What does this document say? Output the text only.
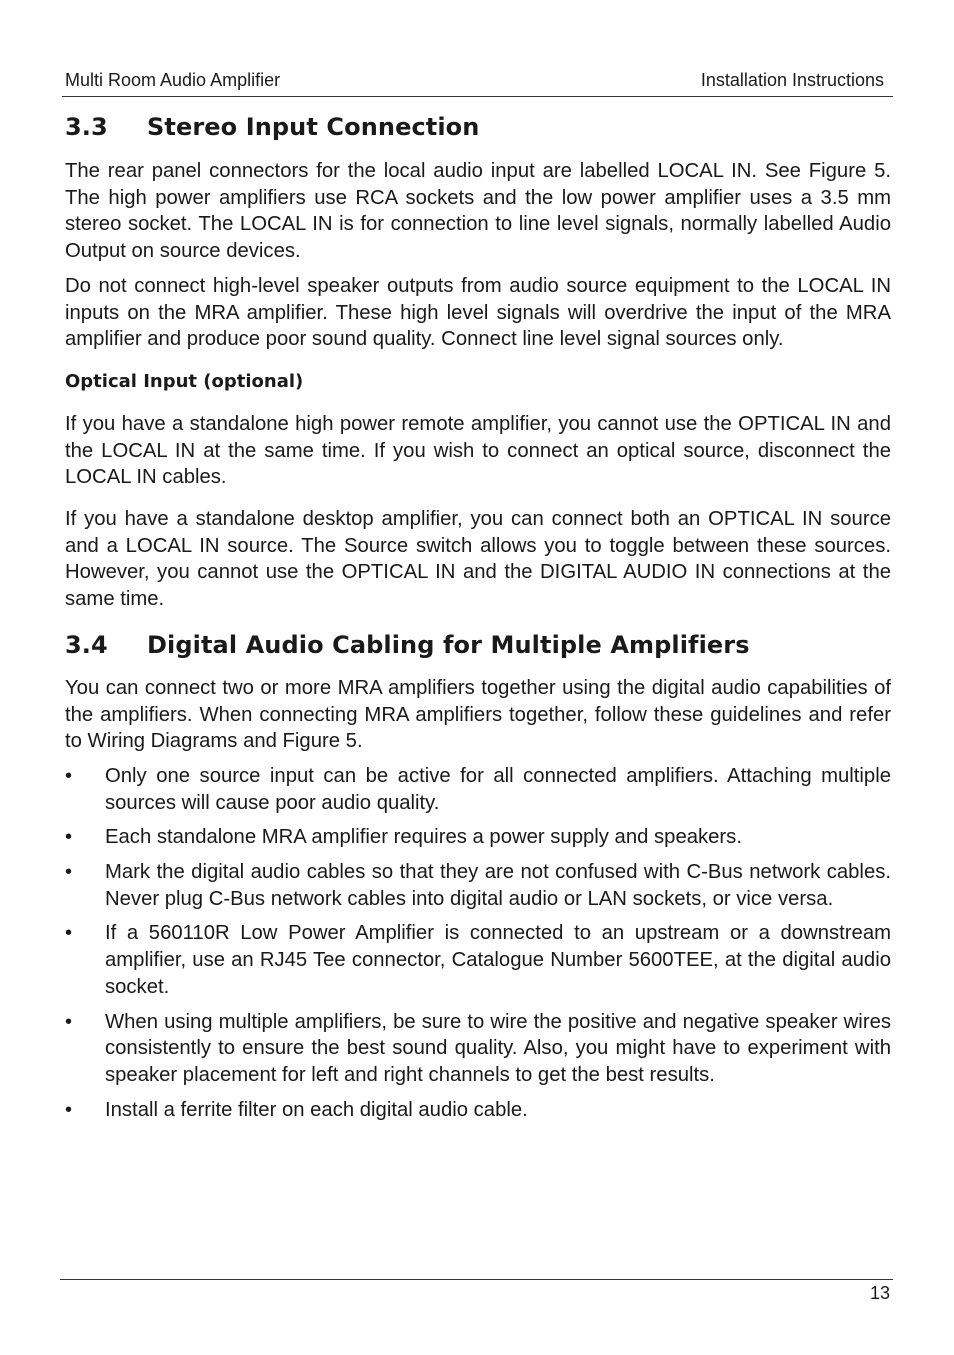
Multi Room Audio Amplifier	Installation Instructions
3.3 Stereo Input Connection

The rear panel connectors for the local audio input are labelled LOCAL IN. See Figure 5. The high power amplifiers use RCA sockets and the low power amplifier uses a 3.5 mm stereo socket. The LOCAL IN is for connection to line level signals, normally labelled Audio Output on source devices.

Do not connect high-level speaker outputs from audio source equipment to the LOCAL IN inputs on the MRA amplifier. These high level signals will overdrive the input of the MRA amplifier and produce poor sound quality. Connect line level signal sources only.

Optical Input (optional)

If you have a standalone high power remote amplifier, you cannot use the OPTICAL IN and the LOCAL IN at the same time. If you wish to connect an optical source, disconnect the LOCAL IN cables.

If you have a standalone desktop amplifier, you can connect both an OPTICAL IN source and a LOCAL IN source. The Source switch allows you to toggle between these sources. However, you cannot use the OPTICAL IN and the DIGITAL AUDIO IN connections at the same time.

3.4 Digital Audio Cabling for Multiple Amplifiers

You can connect two or more MRA amplifiers together using the digital audio capabilities of the amplifiers. When connecting MRA amplifiers together, follow these guidelines and refer to Wiring Diagrams and Figure 5.

• Only one source input can be active for all connected amplifiers. Attaching multiple sources will cause poor audio quality.

• Each standalone MRA amplifier requires a power supply and speakers.

• Mark the digital audio cables so that they are not confused with C-Bus network cables. Never plug C-Bus network cables into digital audio or LAN sockets, or vice versa.

• If a 560110R Low Power Amplifier is connected to an upstream or a downstream amplifier, use an RJ45 Tee connector, Catalogue Number 5600TEE, at the digital audio socket.

• When using multiple amplifiers, be sure to wire the positive and negative speaker wires consistently to ensure the best sound quality. Also, you might have to experiment with speaker placement for left and right channels to get the best results.

• Install a ferrite filter on each digital audio cable.

13
